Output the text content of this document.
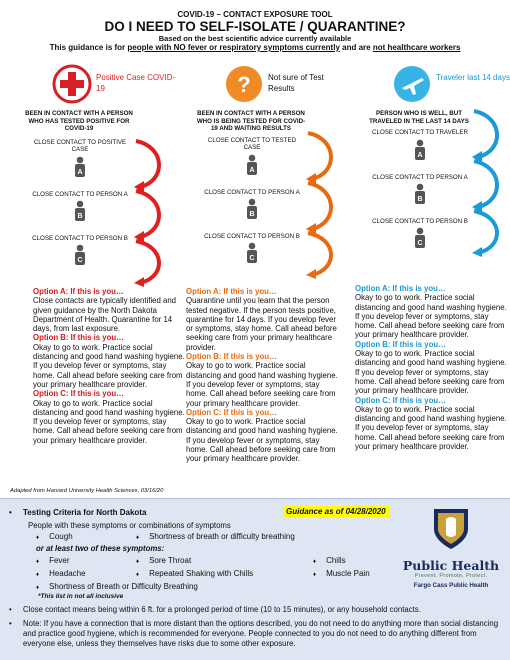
COVID-19 – CONTACT EXPOSURE TOOL
DO I NEED TO SELF-ISOLATE / QUARANTINE?
Based on the best scientific advice currently available
This guidance is for people with NO fever or respiratory symptoms currently and are not healthcare workers
Positive Case COVID-19
BEEN IN CONTACT WITH A PERSON WHO HAS TESTED POSITIVE FOR COVID-19
CLOSE CONTACT TO POSITIVE CASE
A
CLOSE CONTACT TO PERSON A
B
CLOSE CONTACT TO PERSON B
C
? Not sure of Test Results
BEEN IN CONTACT WITH A PERSON WHO IS BEING TESTED FOR COVID-19 AND WAITING RESULTS
CLOSE CONTACT TO TESTED CASE
A
CLOSE CONTACT TO PERSON A
B
CLOSE CONTACT TO PERSON B
C
Traveler last 14 days
PERSON WHO IS WELL, BUT TRAVELED IN THE LAST 14 DAYS
CLOSE CONTACT TO TRAVELER
A
CLOSE CONTACT TO PERSON A
B
CLOSE CONTACT TO PERSON B
C
Option A: If this is you…
Close contacts are typically identified and given guidance by the North Dakota Department of Health. Quarantine for 14 days, from last exposure.
Option B: If this is you…
Okay to go to work. Practice social distancing and good hand washing hygiene. If you develop fever or symptoms, stay home. Call ahead before seeking care from your primary healthcare provider.
Option C: If this is you…
Okay to go to work. Practice social distancing and good hand washing hygiene. If you develop fever or symptoms, stay home. Call ahead before seeking care from your primary healthcare provider.
Option A: If this is you…
Quarantine until you learn that the person tested negative. If the person tests positive, quarantine for 14 days. If you develop fever or symptoms, stay home. Call ahead before seeking care from your primary healthcare provider.
Option B: If this is you…
Okay to go to work. Practice social distancing and good hand washing hygiene. If you develop fever or symptoms, stay home. Call ahead before seeking care from your primary healthcare provider.
Option C: If this is you…
Okay to go to work. Practice social distancing and good hand washing hygiene. If you develop fever or symptoms, stay home. Call ahead before seeking care from your primary healthcare provider.
Option A: If this is you…
Okay to go to work. Practice social distancing and good hand washing hygiene. If you develop fever or symptoms, stay home. Call ahead before seeking care from your primary healthcare provider.
Option B: If this is you…
Okay to go to work. Practice social distancing and good hand washing hygiene. If you develop fever or symptoms, stay home. Call ahead before seeking care from your primary healthcare provider.
Option C: If this is you…
Okay to go to work. Practice social distancing and good hand washing hygiene. If you develop fever or symptoms, stay home. Call ahead before seeking care from your primary healthcare provider.
Adapted from Harvard University Health Sciences, 03/16/20
• Testing Criteria for North Dakota	Guidance as of 04/28/2020
People with these symptoms or combinations of symptoms
♦ Cough	♦ Shortness of breath or difficulty breathing
or at least two of these symptoms:
♦ Fever	♦ Sore Throat	♦ Chills
♦ Headache	♦ Repeated Shaking with Chills	♦ Muscle Pain
♦ Shortness of Breath or Difficulty Breathing
*This list in not all inclusive
• Close contact means being within 6 ft. for a prolonged period of time (10 to 15 minutes), or any household contacts.
•	Note: If you have a connection that is more distant than the options described, you do not need to do anything more than social distancing and practice good hygiene, which is recommended for everyone. People connected to you do not need to do anything different from everyone else, unless they themselves have risks due to some other exposure.
Public Health
Prevent. Promote. Protect.
Fargo Cass Public Health
